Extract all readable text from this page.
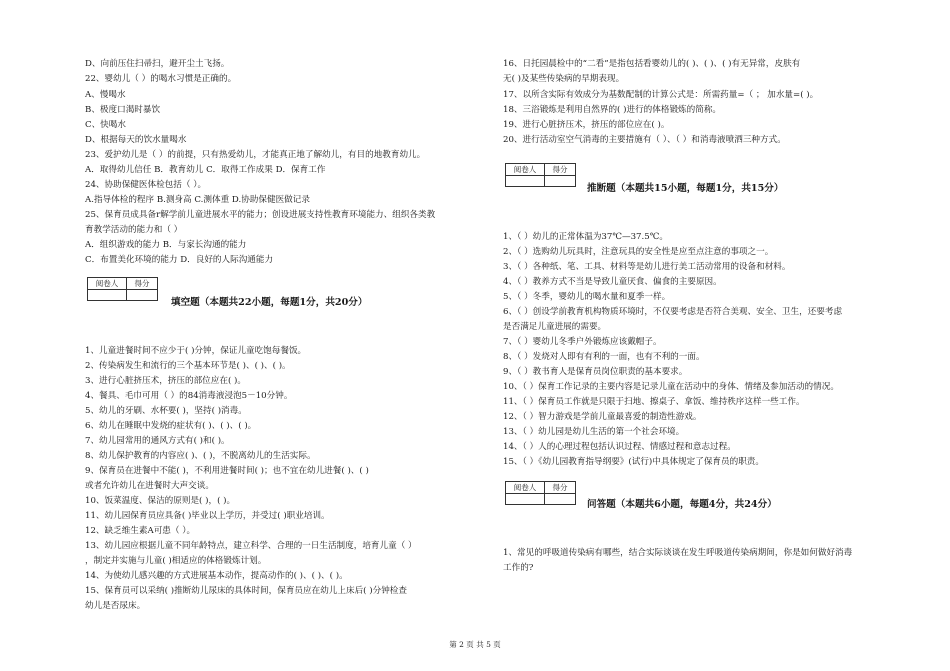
D、向前压住扫帚扫，避开尘土飞扬。
22、婴幼儿（ ）的喝水习惯是正确的。
A、慢喝水
B、极度口渴时暴饮
C、快喝水
D、根据每天的饮水量喝水
23、爱护幼儿是（ ）的前提，只有热爱幼儿，才能真正地了解幼儿，有目的地教育幼儿。
A．取得幼儿信任 B．教育幼儿 C．取得工作成果 D．保育工作
24、协助保健医体检包括（ ）。
A.指导体检的程序 B.测身高 C.测体重 D.协助保健医做记录
25、保育员成具备r解学前儿童进展水平的能力；创设进展支持性教育环境能力、组织各类教
育教学活动的能力和（ ）
A．组织游戏的能力 B．与家长沟通的能力
C．布置美化环境的能力 D．良好的人际沟通能力
阅卷人	得分

填空题（本题共22小题，每题1分，共20分）
1、儿童进餐时间不应少于( )分钟，保证儿童吃饱每餐饭。
2、传染病发生和流行的三个基本环节是( )、( )、( )。
3、进行心脏挤压术，挤压的部位应在( )。
4、餐具、毛巾可用（ ）的84消毒液浸泡5－10分钟。
5、幼儿的牙刷、水杯要( )，坚持( )消毒。
6、幼儿在睡眠中发烧的症状有( )、( )、( )。
7、幼儿园常用的通风方式有( )和( )。
8、幼儿保护教育的内容应( )、( )，不脱离幼儿的生活实际。
9、保育员在进餐中不能( )，不利用进餐时间( )；也不宜在幼儿进餐( )、( )
或者允许幼儿在进餐时大声交谈。
10、饭菜温度、保洁的原则是( )，( )。
11、幼儿园保育员应具备( )毕业以上学历，并受过( )职业培训。
12、缺乏维生素A可患（ ）。
13、幼儿园应根据儿童不同年龄特点，建立科学、合理的一日生活制度，培育儿童（ ）
，制定并实施与儿童( )相适应的体格锻炼计划。
14、为使幼儿感兴趣的方式进展基本动作，提高动作的( )、( )、( )。
15、保育员可以采纳( )推断幼儿尿床的具体时间，保育员应在幼儿上床后( )分钟检查
幼儿是否尿床。
16、日托园晨检中的“二看”是指包括看婴幼儿的( )、( )、( )有无异常，皮肤有
无( )及某些传染病的早期表现。
17、以所含实际有效成分为基数配制的计算公式是：所需药量=（ ； 加水量=( )。
18、三浴锻炼是利用自然界的( )进行的体格锻炼的简称。
19、进行心脏挤压术，挤压的部位应在( )。
20、进行活动室空气消毒的主要措施有（ ）、（ ）和消毒液喷洒三种方式。
阅卷人	得分

推断题（本题共15小题，每题1分，共15分）
1、（ ）幼儿的正常体温为37℃—37.5℃。
2、（ ）选购幼儿玩具时，注意玩具的安全性是应至点注意的事项之一。
3、（ ）各种纸、笔、工具、材料等是幼儿进行美工活动常用的设备和材料。
4、（ ）教养方式不当是导致儿童厌食、偏食的主要原因。
5、（ ）冬季，婴幼儿的喝水量和夏季一样。
6、（ ）创设学前教育机构物质环境时，不仅要考虑是否符合美观、安全、卫生，还要考虑
是否满足儿童进展的需要。
7、（ ）婴幼儿冬季户外锻炼应该戴帽子。
8、（ ）发烧对人即有有利的一面，也有不利的一面。
9、（ ）教书育人是保育员岗位职责的基本要求。
10、（ ）保育工作记录的主要内容是记录儿童在活动中的身体、情绪及参加活动的情况。
11、（ ）保育员工作就是只限于扫地、擦桌子、拿饭、维持秩序这样一些工作。
12、（ ）智力游戏是学前儿童最喜爱的制造性游戏。
13、（ ）幼儿园是幼儿生活的第一个社会环境。
14、（ ）人的心理过程包括认识过程、情感过程和意志过程。
15、（ ）《幼儿园教育指导纲要》(试行)中具体规定了保育员的职责。
阅卷人	得分

问答题（本题共6小题，每题4分，共24分）
1、常见的呼吸道传染病有哪些，结合实际谈谈在发生呼吸道传染病期间，你是如何做好消毒
工作的?
第 2 页 共 5 页
